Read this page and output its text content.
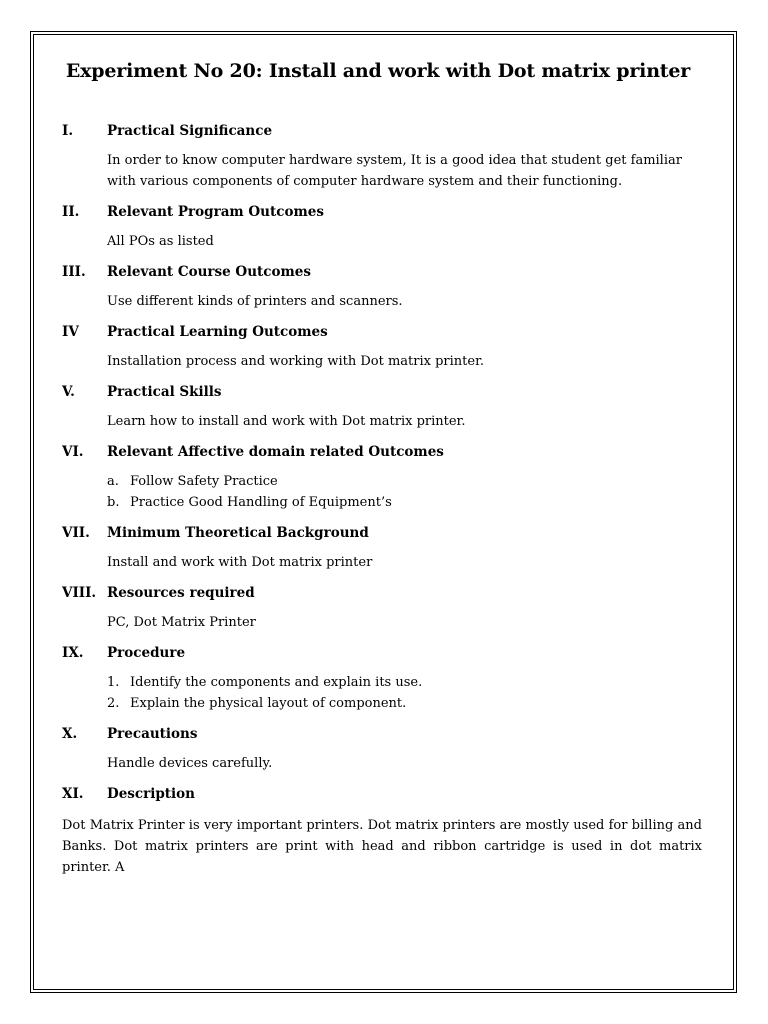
Experiment No 20: Install and work with Dot matrix printer
I.	Practical Significance
In order to know computer hardware system, It is a good idea that student get familiar with various components of computer hardware system and their functioning.
II.	Relevant Program Outcomes
All POs as listed
III.	Relevant Course Outcomes
Use different kinds of printers and scanners.
IV	Practical Learning Outcomes
Installation process and working with Dot matrix printer.
V.	Practical Skills
Learn how to install and work with Dot matrix printer.
VI.	Relevant Affective domain related Outcomes
a. Follow Safety Practice
b. Practice Good Handling of Equipment’s
VII.	Minimum Theoretical Background
Install and work with Dot matrix printer
VIII. Resources required
PC, Dot Matrix Printer
IX.	Procedure
1. Identify the components and explain its use.
2. Explain the physical layout of component.
X.	Precautions
Handle devices carefully.
XI.	Description
Dot Matrix Printer is very important printers. Dot matrix printers are mostly used for billing and Banks. Dot matrix printers are print with head and ribbon cartridge is used in dot matrix printer. A
